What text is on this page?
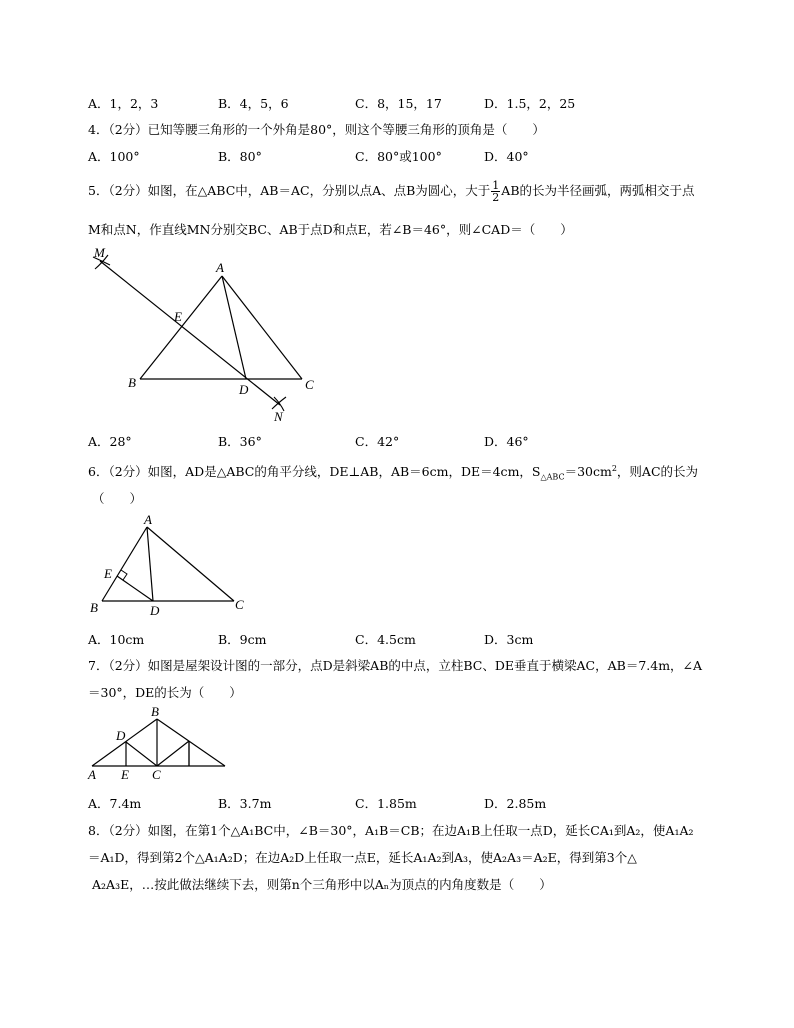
A．1，2，3	B．4，5，6	C．8，15，17	D．1.5，2，25
4．（2分）已知等腰三角形的一个外角是80°，则这个等腰三角形的顶角是（　　）
A．100°	B．80°	C．80°或100°	D．40°
5．（2分）如图，在△ABC中，AB＝AC，分别以点A、点B为圆心，大于 $\frac{1}{2}$ AB的长为半径画弧，两弧相交于点
M和点N，作直线MN分别交BC、AB于点D和点E，若∠B＝46°，则∠CAD＝（　　）
M
A
E
B	D	C
N
A．28°	B．36°	C．42°	D．46°
6．（2分）如图，AD是△ABC的角平分线，DE⊥AB，AB＝6cm，DE＝4cm，$S_{\triangle ABC}=30cm^2$，则AC的长为
（　　）
A
E
B	D	C
A．10cm	B．9cm	C．4.5cm	D．3cm
7．（2分）如图是屋架设计图的一部分，点D是斜梁AB的中点，立柱BC、DE垂直于横梁AC，AB＝7.4m，∠A
＝30°，DE的长为（　　）
B
D
A E C
A．7.4m	B．3.7m	C．1.85m	D．2.85m
8．（2分）如图，在第1个△A₁BC中，∠B＝30°，A₁B＝CB；在边A₁B上任取一点D，延长CA₁到A₂，使A₁A₂
＝A₁D，得到第2个△A₁A₂D；在边A₂D上任取一点E，延长A₁A₂到A₃，使A₂A₃＝A₂E，得到第3个△
A₂A₃E，…按此做法继续下去，则第n个三角形中以Aₙ为顶点的内角度数是（　　）
